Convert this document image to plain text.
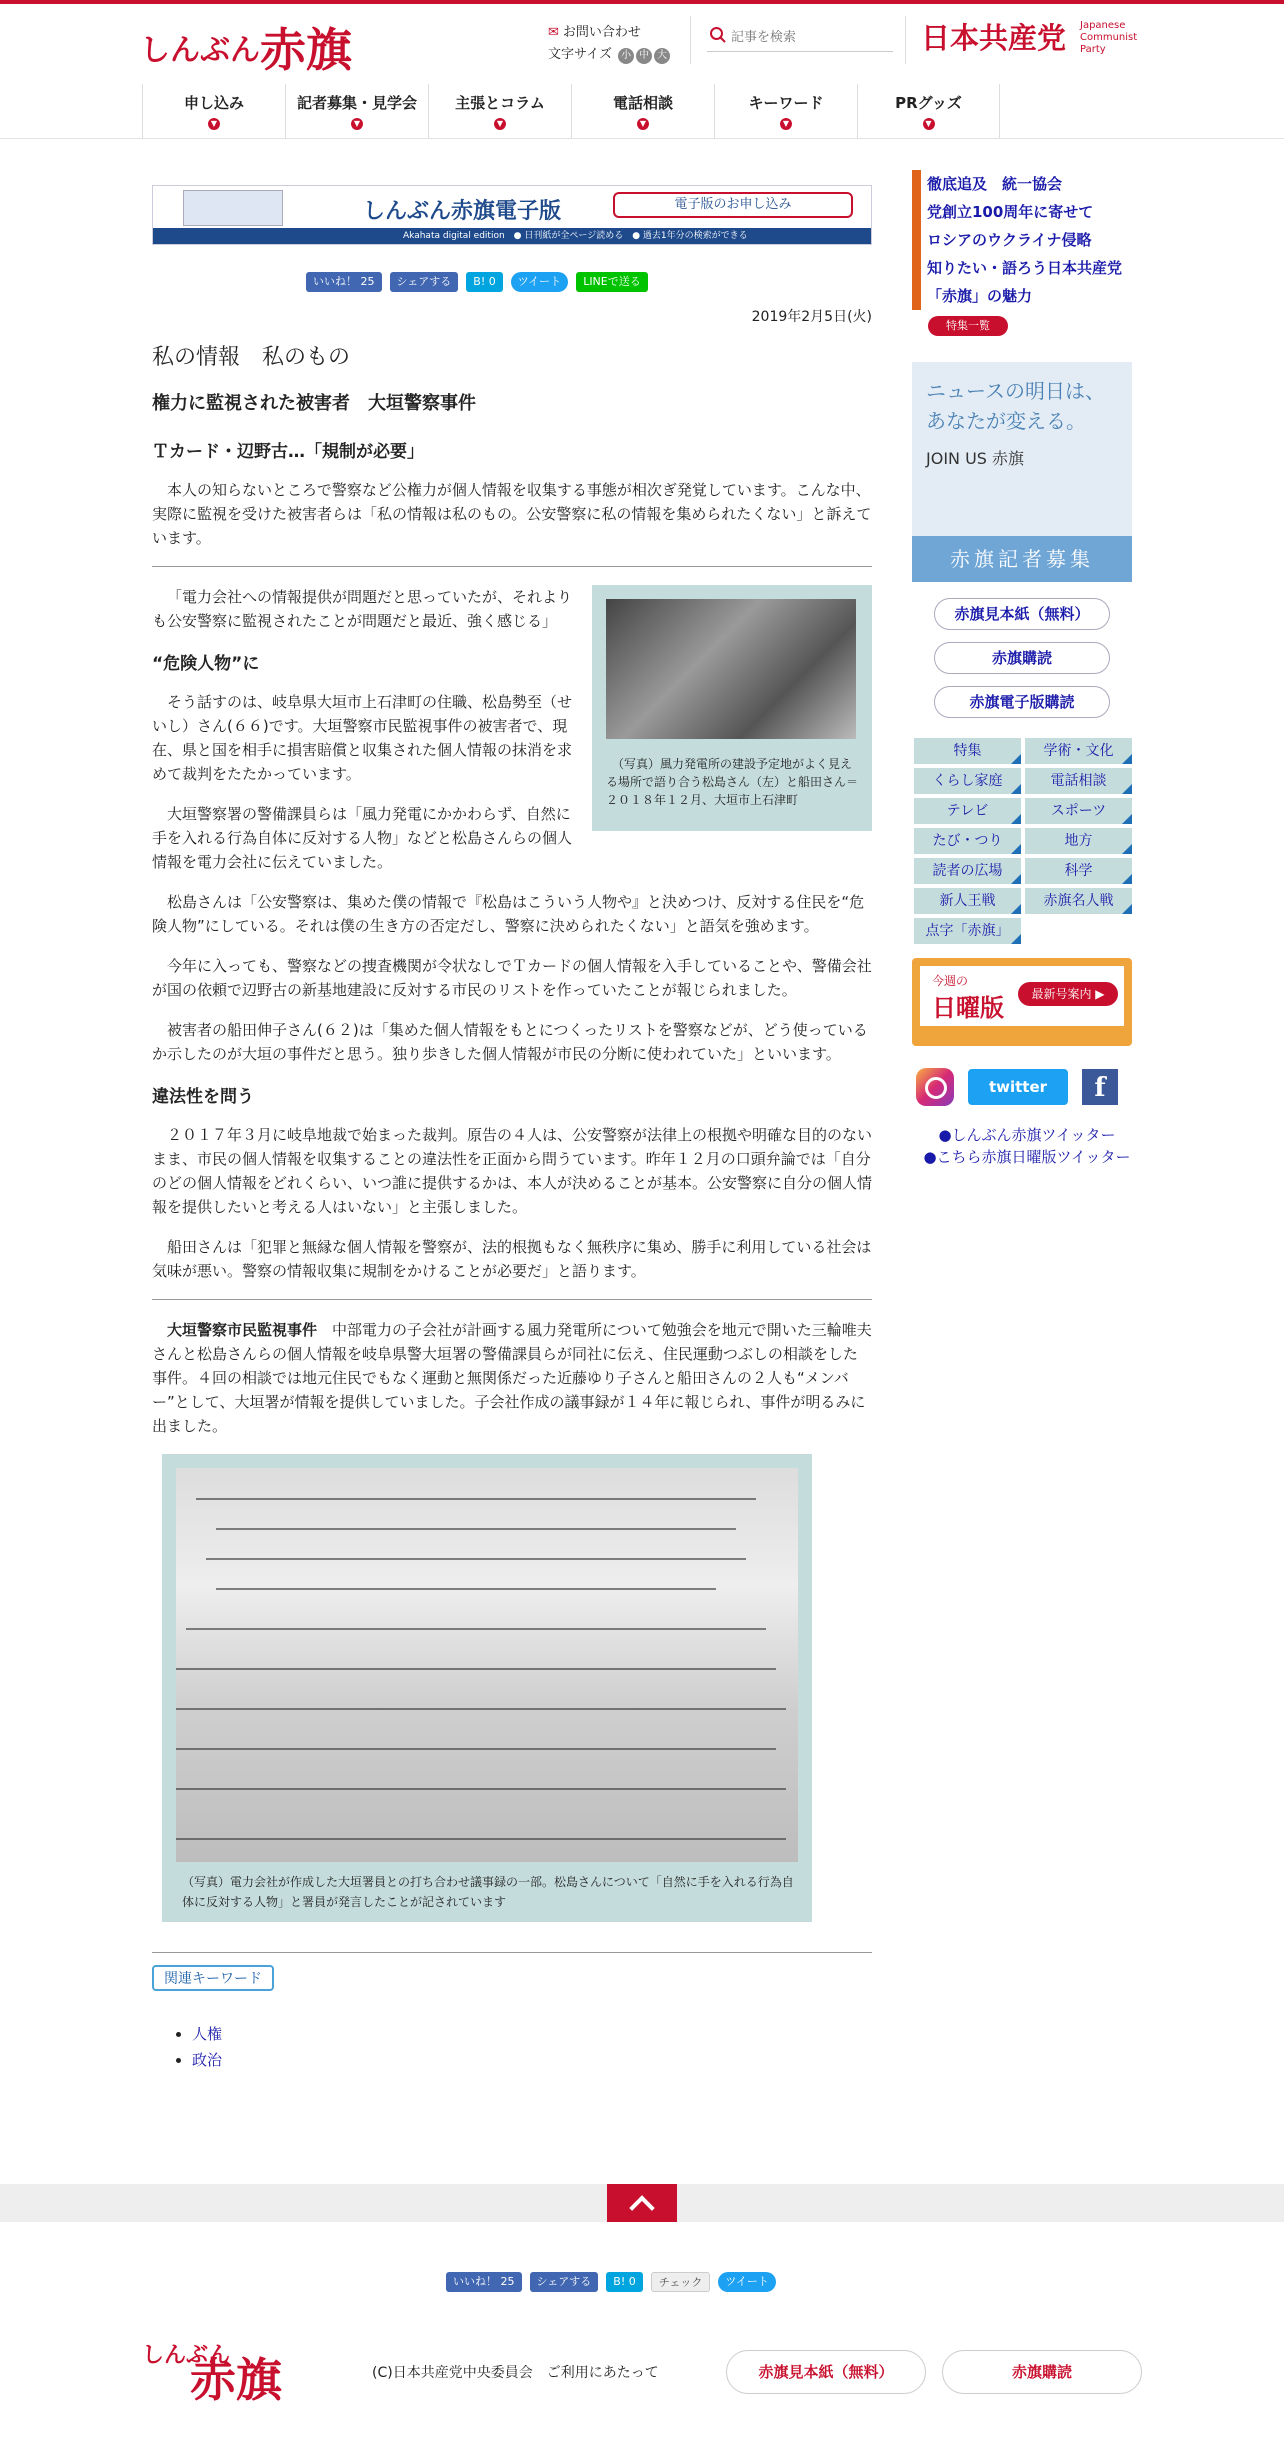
しんぶん赤旗	✉ お問い合わせ
文字サイズ 小 中 大
記事を検索
日本共産党 Japanese
Communist
Party
申し込み
▼
記者募集・見学会
▼
主張とコラム
▼
電話相談
▼
キーワード
▼
PRグッズ
▼
しんぶん赤旗電子版	電子版のお申し込み
Akahata digital edition　● 日刊紙が全ページ読める　● 過去1年分の検索ができる
いいね！ 25	シェアする	B! 0	ツイート	LINEで送る
2019年2月5日(火)
私の情報　私のもの
権力に監視された被害者　大垣警察事件
Ｔカード・辺野古…「規制が必要」

本人の知らないところで警察など公権力が個人情報を収集する事態が相次ぎ発覚しています。こんな中、実際に監視を受けた被害者らは「私の情報は私のもの。公安警察に私の情報を集められたくない」と訴えています。

（写真）風力発電所の建設予定地がよく見える場所で語り合う松島さん（左）と船田さん＝２０１８年１２月、大垣市上石津町

「電力会社への情報提供が問題だと思っていたが、それよりも公安警察に監視されたことが問題だと最近、強く感じる」

“危険人物”に

そう話すのは、岐阜県大垣市上石津町の住職、松島勢至（せいし）さん(６６)です。大垣警察市民監視事件の被害者で、現在、県と国を相手に損害賠償と収集された個人情報の抹消を求めて裁判をたたかっています。

大垣警察署の警備課員らは「風力発電にかかわらず、自然に手を入れる行為自体に反対する人物」などと松島さんらの個人情報を電力会社に伝えていました。

松島さんは「公安警察は、集めた僕の情報で『松島はこういう人物や』と決めつけ、反対する住民を“危険人物”にしている。それは僕の生き方の否定だし、警察に決められたくない」と語気を強めます。

今年に入っても、警察などの捜査機関が令状なしでＴカードの個人情報を入手していることや、警備会社が国の依頼で辺野古の新基地建設に反対する市民のリストを作っていたことが報じられました。

被害者の船田伸子さん(６２)は「集めた個人情報をもとにつくったリストを警察などが、どう使っているか示したのが大垣の事件だと思う。独り歩きした個人情報が市民の分断に使われていた」といいます。

違法性を問う

２０１７年３月に岐阜地裁で始まった裁判。原告の４人は、公安警察が法律上の根拠や明確な目的のないまま、市民の個人情報を収集することの違法性を正面から問うています。昨年１２月の口頭弁論では「自分のどの個人情報をどれくらい、いつ誰に提供するかは、本人が決めることが基本。公安警察に自分の個人情報を提供したいと考える人はいない」と主張しました。

船田さんは「犯罪と無縁な個人情報を警察が、法的根拠もなく無秩序に集め、勝手に利用している社会は気味が悪い。警察の情報収集に規制をかけることが必要だ」と語ります。

大垣警察市民監視事件　 中部電力の子会社が計画する風力発電所について勉強会を地元で開いた三輪唯夫さんと松島さんらの個人情報を岐阜県警大垣署の警備課員らが同社に伝え、住民運動つぶしの相談をした事件。４回の相談では地元住民でもなく運動と無関係だった近藤ゆり子さんと船田さんの２人も“メンバー”として、大垣署が情報を提供していました。子会社作成の議事録が１４年に報じられ、事件が明るみに出ました。

（写真）電力会社が作成した大垣署員との打ち合わせ議事録の一部。松島さんについて「自然に手を入れる行為自体に反対する人物」と署員が発言したことが記されています
関連キーワード
• 人権
• 政治
徹底追及　統一協会
党創立100周年に寄せて
ロシアのウクライナ侵略
知りたい・語ろう日本共産党
「赤旗」の魅力
特集一覧
ニュースの明日は、
あなたが変える。
JOIN US 赤旗
赤旗記者募集
赤旗見本紙（無料）
赤旗購読
赤旗電子版購読
特集	学術・文化
くらし家庭	電話相談
テレビ	スポーツ
たび・つり	地方
読者の広場	科学
新人王戦	赤旗名人戦
点字「赤旗」
今週の
日曜版	最新号案内 ▶
twitter	f
●しんぶん赤旗ツイッター
●こちら赤旗日曜版ツイッター
いいね！ 25	シェアする	B! 0	チェック	ツイート
しんぶん赤旗	(C)日本共産党中央委員会　ご利用にあたって	赤旗見本紙（無料）	赤旗購読
